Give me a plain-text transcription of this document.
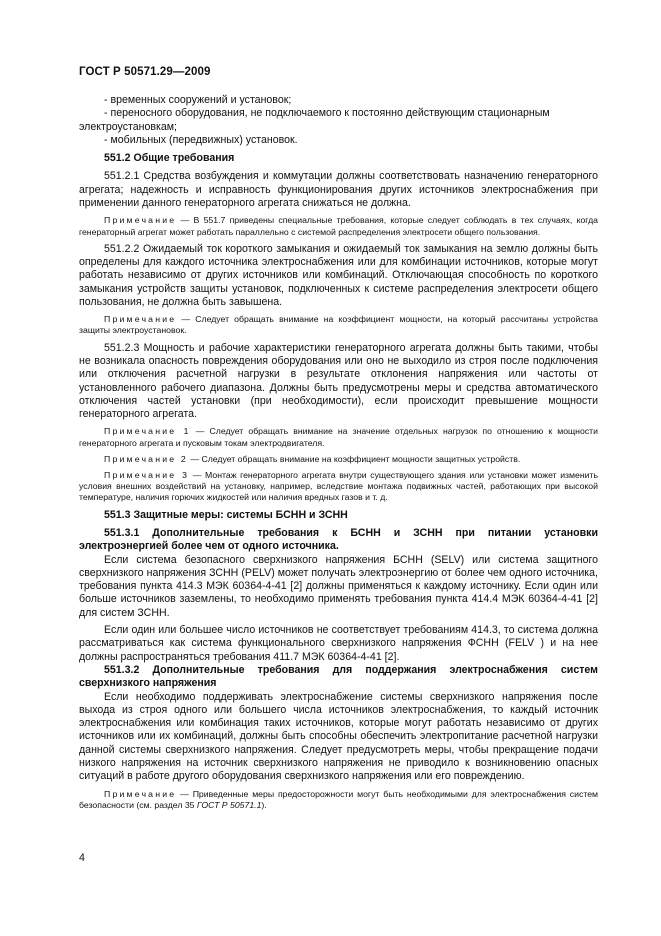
ГОСТ Р 50571.29—2009

- временных сооружений и установок;

- переносного оборудования, не подключаемого к постоянно действующим стационарным

электроустановкам;

- мобильных (передвижных) установок.

551.2 Общие требования

551.2.1 Средства возбуждения и коммутации должны соответствовать назначению генераторного агрегата; надежность и исправность функционирования других источников электроснабжения при применении данного генераторного агрегата снижаться не должна.

Примечание — В 551.7 приведены специальные требования, которые следует соблюдать в тех случаях, когда генераторный агрегат может работать параллельно с системой распределения электросети общего пользования.

551.2.2 Ожидаемый ток короткого замыкания и ожидаемый ток замыкания на землю должны быть определены для каждого источника электроснабжения или для комбинации источников, которые могут работать независимо от других источников или комбинаций. Отключающая способность по короткого замыкания устройств защиты установок, подключенных к системе распределения электросети общего пользования, не должна быть завышена.

Примечание — Следует обращать внимание на коэффициент мощности, на который рассчитаны устройства защиты электроустановок.

551.2.3 Мощность и рабочие характеристики генераторного агрегата должны быть такими, чтобы не возникала опасность повреждения оборудования или оно не выходило из строя после подключения или отключения расчетной нагрузки в результате отклонения напряжения или частоты от установленного рабочего диапазона. Должны быть предусмотрены меры и средства автоматического отключения частей установки (при необходимости), если происходит превышение мощности генераторного агрегата.

Примечание 1 — Следует обращать внимание на значение отдельных нагрузок по отношению к мощности генераторного агрегата и пусковым токам электродвигателя.

Примечание 2 — Следует обращать внимание на коэффициент мощности защитных устройств.

Примечание 3 — Монтаж генераторного агрегата внутри существующего здания или установки может изменить условия внешних воздействий на установку, например, вследствие монтажа подвижных частей, работающих при высокой температуре, наличия горючих жидкостей или наличия вредных газов и т. д.

551.3 Защитные меры: системы БСНН и ЗСНН

551.3.1 Дополнительные требования к БСНН и ЗСНН при питании установки электроэнергией более чем от одного источника.

Если система безопасного сверхнизкого напряжения БСНН (SELV) или система защитного сверхнизкого напряжения ЗСНН (PELV) может получать электроэнергию от более чем одного источника, требования пункта 414.3 МЭК 60364-4-41 [2] должны применяться к каждому источнику. Если один или больше источников заземлены, то необходимо применять требования пункта 414.4 МЭК 60364-4-41 [2] для систем ЗСНН.

Если один или большее число источников не соответствует требованиям 414.3, то система должна рассматриваться как система функционального сверхнизкого напряжения ФСНН (FELV ) и на нее должны распространяться требования 411.7 МЭК 60364-4-41 [2].

551.3.2 Дополнительные требования для поддержания электроснабжения систем сверхнизкого напряжения

Если необходимо поддерживать электроснабжение системы сверхнизкого напряжения после выхода из строя одного или большего числа источников электроснабжения, то каждый источник электроснабжения или комбинация таких источников, которые могут работать независимо от других источников или их комбинаций, должны быть способны обеспечить электропитание расчетной нагрузки данной системы сверхнизкого напряжения. Следует предусмотреть меры, чтобы прекращение подачи низкого напряжения на источник сверхнизкого напряжения не приводило к возникновению опасных ситуаций в работе другого оборудования сверхнизкого напряжения или его повреждению.

Примечание — Приведенные меры предосторожности могут быть необходимыми для электроснабжения систем безопасности (см. раздел 35 ГОСТ Р 50571.1).

4
